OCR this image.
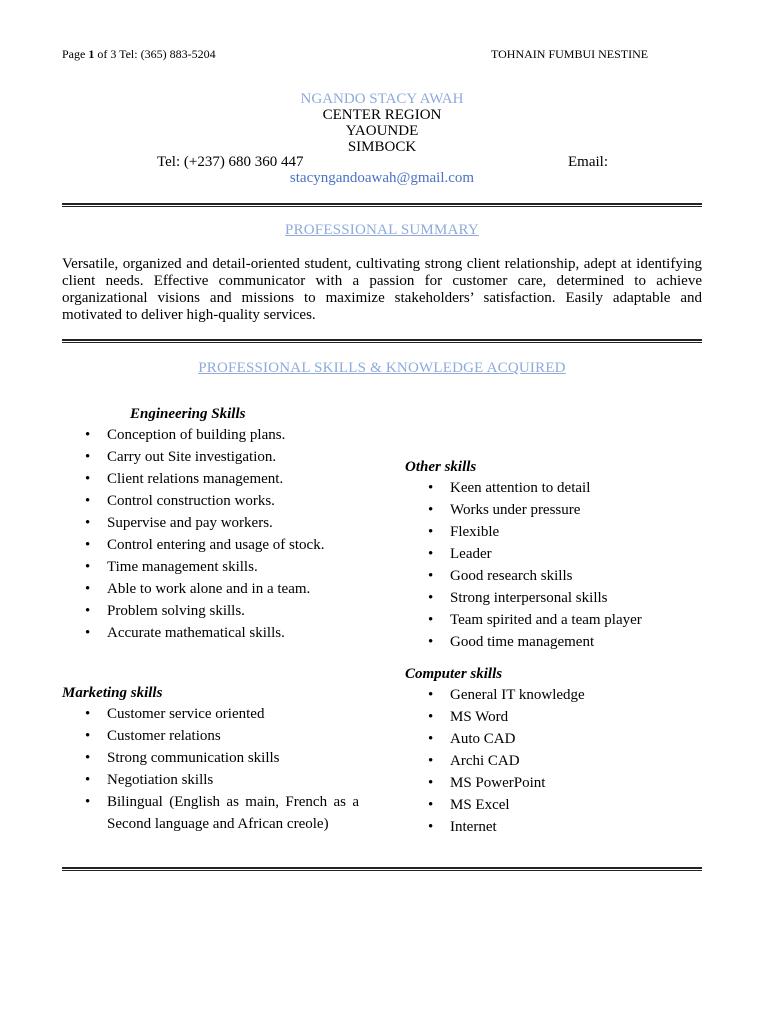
Page 1 of 3 Tel: (365) 883-5204	TOHNAIN FUMBUI NESTINE
NGANDO STACY AWAH
CENTER REGION
YAOUNDE
SIMBOCK
Tel: (+237) 680 360 447	Email:
stacyngandoawah@gmail.com
PROFESSIONAL SUMMARY
Versatile, organized and detail-oriented student, cultivating strong client relationship, adept at identifying client needs. Effective communicator with a passion for customer care, determined to achieve organizational visions and missions to maximize stakeholders’ satisfaction. Easily adaptable and motivated to deliver high-quality services.
PROFESSIONAL SKILLS & KNOWLEDGE ACQUIRED
Engineering Skills
• Conception of building plans.
• Carry out Site investigation.
• Client relations management.
• Control construction works.
• Supervise and pay workers.
• Control entering and usage of stock.
• Time management skills.
• Able to work alone and in a team.
• Problem solving skills.
• Accurate mathematical skills.
Marketing skills
• Customer service oriented
• Customer relations
• Strong communication skills
• Negotiation skills
• Bilingual (English as main, French as a Second language and African creole)
Other skills
• Keen attention to detail
• Works under pressure
• Flexible
• Leader
• Good research skills
• Strong interpersonal skills
• Team spirited and a team player
• Good time management
Computer skills
• General IT knowledge
• MS Word
• Auto CAD
• Archi CAD
• MS PowerPoint
• MS Excel
• Internet
